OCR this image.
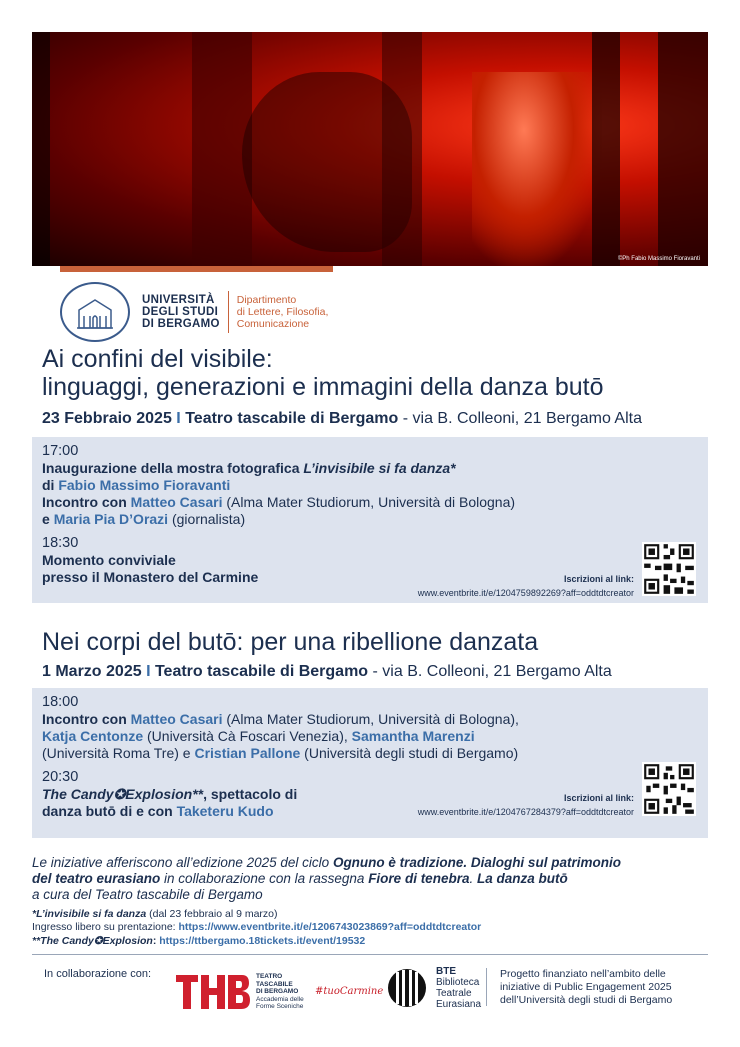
©Ph Fabio Massimo Fioravanti
UNIVERSITÀ
DEGLI STUDI
DI BERGAMO
Dipartimento
di Lettere, Filosofia,
Comunicazione
Ai confini del visibile:
linguaggi, generazioni e immagini della danza butō
23 Febbraio 2025 I Teatro tascabile di Bergamo - via B. Colleoni, 21 Bergamo Alta
17:00
Inaugurazione della mostra fotografica L’invisibile si fa danza*
di Fabio Massimo Fioravanti
Incontro con Matteo Casari (Alma Mater Studiorum, Università di Bologna)
e Maria Pia D’Orazi (giornalista)
18:30
Momento conviviale
presso il Monastero del Carmine	Iscrizioni al link:
www.eventbrite.it/e/1204759892269?aff=oddtdtcreator
Nei corpi del butō: per una ribellione danzata
1 Marzo 2025 I Teatro tascabile di Bergamo - via B. Colleoni, 21 Bergamo Alta
18:00
Incontro con Matteo Casari (Alma Mater Studiorum, Università di Bologna),
Katja Centonze (Università Cà Foscari Venezia), Samantha Marenzi
(Università Roma Tre) e Cristian Pallone (Università degli studi di Bergamo)
20:30
The Candy✪Explosion**, spettacolo di
danza butō di e con Taketeru Kudo
Iscrizioni al link:
www.eventbrite.it/e/1204767284379?aff=oddtdtcreator
Le iniziative afferiscono all’edizione 2025 del ciclo Ognuno è tradizione. Dialoghi sul patrimonio
del teatro eurasiano in collaborazione con la rassegna Fiore di tenebra. La danza butō
a cura del Teatro tascabile di Bergamo
*L’invisibile si fa danza (dal 23 febbraio al 9 marzo)
Ingresso libero su prentazione: https://www.eventbrite.it/e/1206743023869?aff=oddtdtcreator
**The Candy✪Explosion: https://ttbergamo.18tickets.it/event/19532
In collaborazione con:	TEATRO
TASCABILE
DI BERGAMO
Accademia delle
Forme Sceniche
#tuoCarmine
BTE
Biblioteca
Teatrale
Eurasiana
Progetto finanziato nell’ambito delle
iniziative di Public Engagement 2025
dell’Università degli studi di Bergamo
